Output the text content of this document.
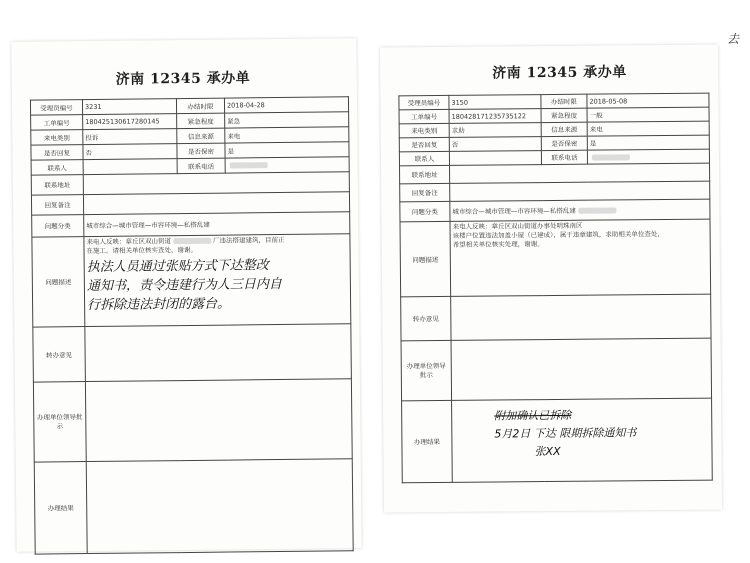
去
济南 12345 承办单
受理员编号	3231	办结时限	2018-04-28
工单编号	180425130617280145	紧急程度	紧急
来电类别	投诉	信息来源	来电
是否回复	否	是否保密	是
联系人		联系电话	
联系地址			
回复备注			
问题分类	城市综合—城市管理—市容环境—私搭乱建		
问题描述	来电人反映：章丘区双山街道 厂违法搭建建筑，目前正
在施工。请相关单位核实查处，谢谢。
执法人员通过张贴方式下达整改
通知书，责令违建行为人三日内自
行拆除违法封闭的露台。		

转办意见			
办理单位领导批示			
办理结果			
济南 12345 承办单
受理员编号	3150	办结时限	2018-05-08
工单编号	180428171235735122	紧急程度	一般
来电类别	求助	信息来源	来电
是否回复	否	是否保密	是
联系人		联系电话	
联系地址			
回复备注			
问题分类	城市综合—城市管理—市容环境—私搭乱建		
问题描述	来电人反映：章丘区双山街道办事处明珠南区
该楼户位置违法加盖小屋（已建成），属于违章建筑，求助相关单位查处，
希望相关单位核实处理，谢谢。		

转办意见			
办理单位领导批示			
办理结果	附加确认已拆除
5月2日 下达 限期拆除通知书
张XX		
